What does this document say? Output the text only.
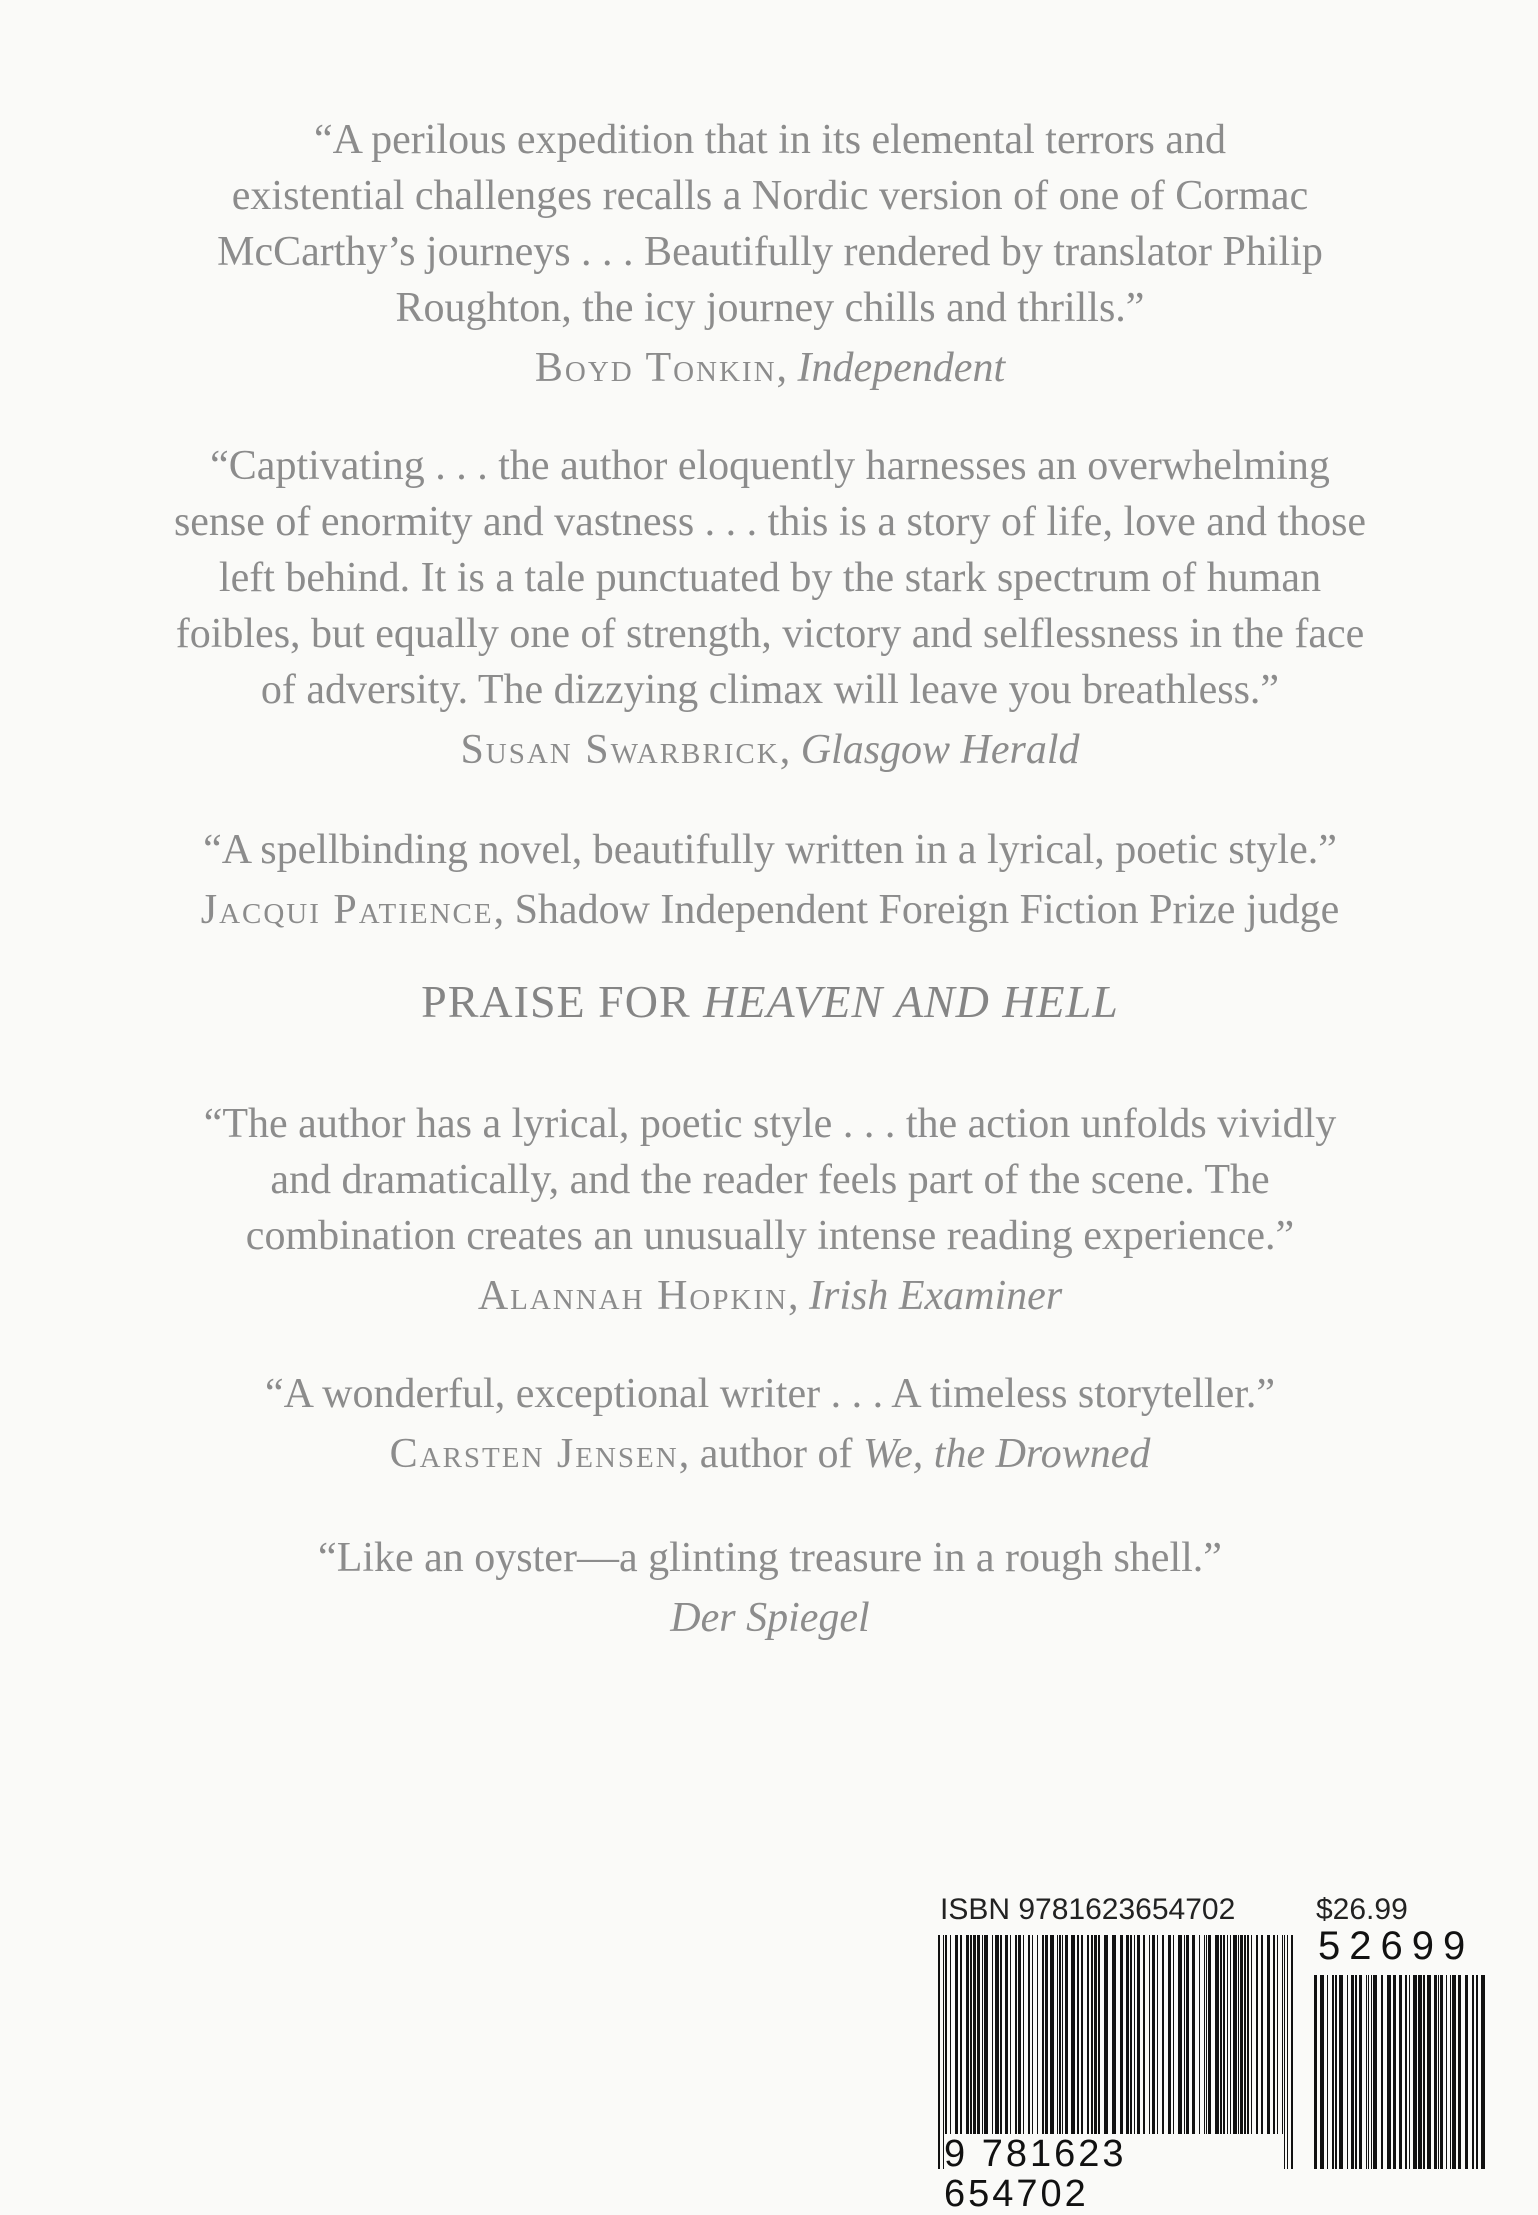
“A perilous expedition that in its elemental terrors and
existential challenges recalls a Nordic version of one of Cormac
McCarthy’s journeys . . . Beautifully rendered by translator Philip
Roughton, the icy journey chills and thrills.”
Boyd Tonkin, Independent
“Captivating . . . the author eloquently harnesses an overwhelming
sense of enormity and vastness . . . this is a story of life, love and those
left behind. It is a tale punctuated by the stark spectrum of human
foibles, but equally one of strength, victory and selflessness in the face
of adversity. The dizzying climax will leave you breathless.”
Susan Swarbrick, Glasgow Herald
“A spellbinding novel, beautifully written in a lyrical, poetic style.”
Jacqui Patience, Shadow Independent Foreign Fiction Prize judge
PRAISE FOR HEAVEN AND HELL
“The author has a lyrical, poetic style . . . the action unfolds vividly
and dramatically, and the reader feels part of the scene. The
combination creates an unusually intense reading experience.”
Alannah Hopkin, Irish Examiner
“A wonderful, exceptional writer . . . A timeless storyteller.”
Carsten Jensen, author of We, the Drowned
“Like an oyster—a glinting treasure in a rough shell.”
Der Spiegel
ISBN 9781623654702	$26.99
52699
9 781623 654702
